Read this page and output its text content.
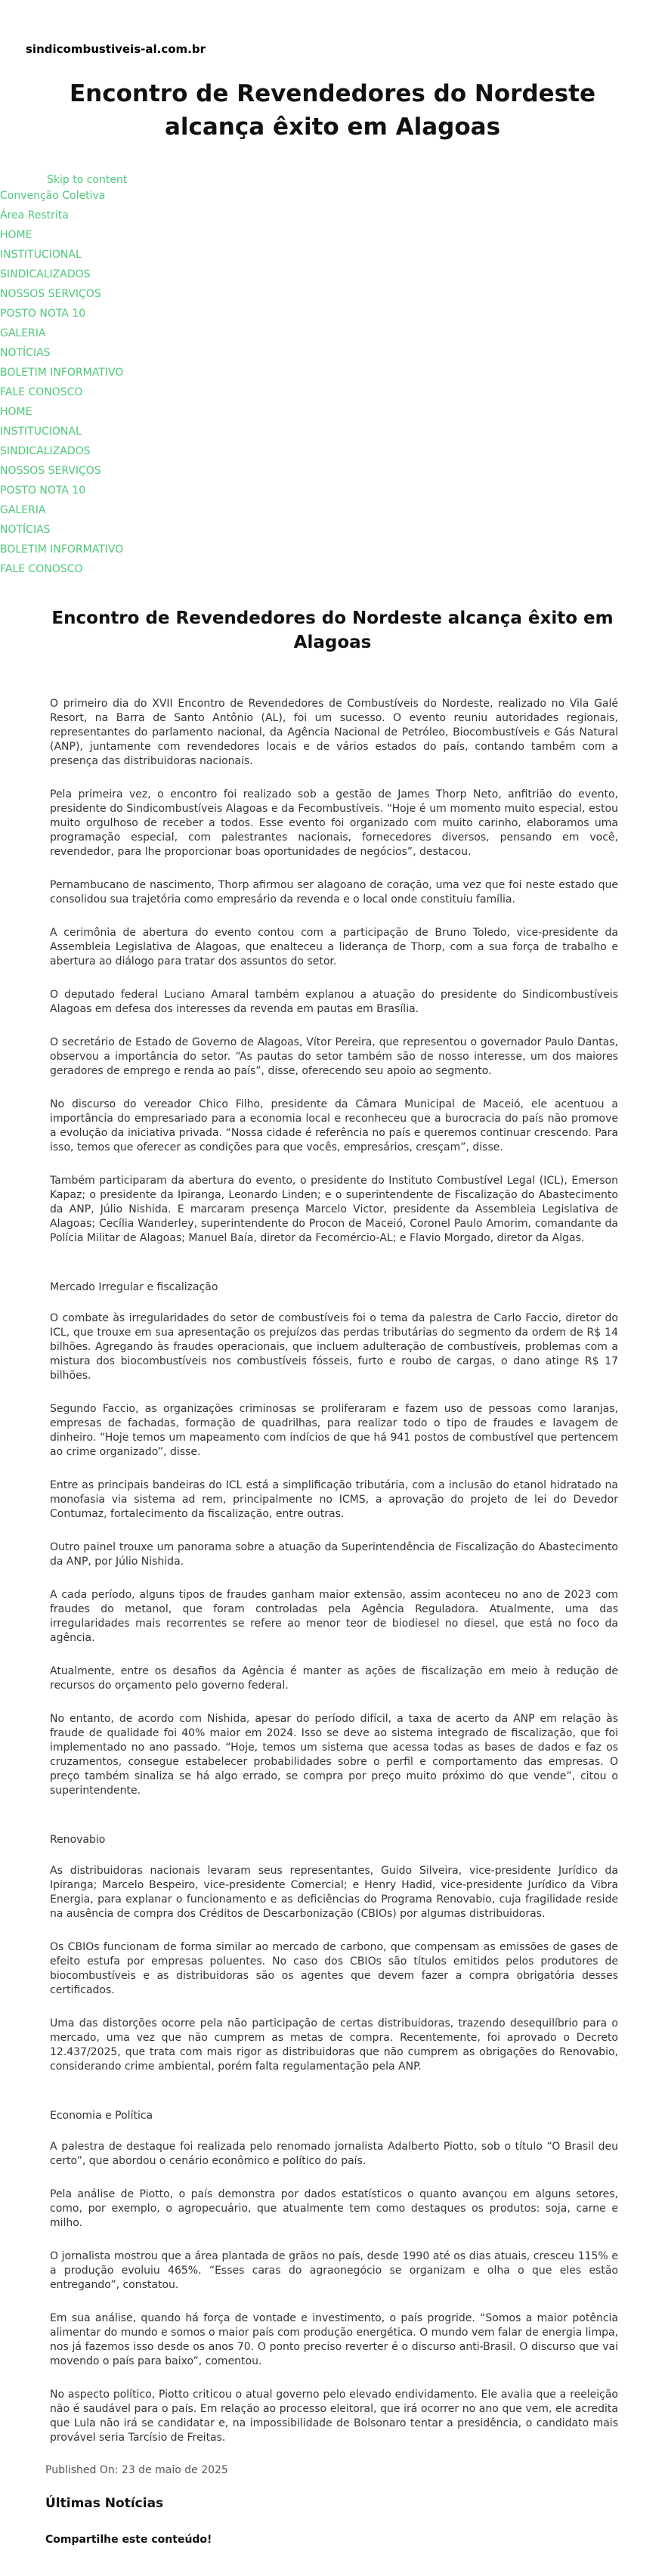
sindicombustiveis-al.com.br
Encontro de Revendedores do Nordeste alcança êxito em Alagoas
Skip to content
Convenção Coletiva
Área Restrita
HOME
INSTITUCIONAL
SINDICALIZADOS
NOSSOS SERVIÇOS
POSTO NOTA 10
GALERIA
NOTÍCIAS
BOLETIM INFORMATIVO
FALE CONOSCO
HOME
INSTITUCIONAL
SINDICALIZADOS
NOSSOS SERVIÇOS
POSTO NOTA 10
GALERIA
NOTÍCIAS
BOLETIM INFORMATIVO
FALE CONOSCO
Encontro de Revendedores do Nordeste alcança êxito em Alagoas

O primeiro dia do XVII Encontro de Revendedores de Combustíveis do Nordeste, realizado no Vila Galé Resort, na Barra de Santo Antônio (AL), foi um sucesso. O evento reuniu autoridades regionais, representantes do parlamento nacional, da Agência Nacional de Petróleo, Biocombustíveis e Gás Natural (ANP), juntamente com revendedores locais e de vários estados do país, contando também com a presença das distribuidoras nacionais.

Pela primeira vez, o encontro foi realizado sob a gestão de James Thorp Neto, anfitrião do evento, presidente do Sindicombustíveis Alagoas e da Fecombustíveis. “Hoje é um momento muito especial, estou muito orgulhoso de receber a todos. Esse evento foi organizado com muito carinho, elaboramos uma programação especial, com palestrantes nacionais, fornecedores diversos, pensando em você, revendedor, para lhe proporcionar boas oportunidades de negócios”, destacou.

Pernambucano de nascimento, Thorp afirmou ser alagoano de coração, uma vez que foi neste estado que consolidou sua trajetória como empresário da revenda e o local onde constituiu família.

A cerimônia de abertura do evento contou com a participação de Bruno Toledo, vice-presidente da Assembleia Legislativa de Alagoas, que enalteceu a liderança de Thorp, com a sua força de trabalho e abertura ao diálogo para tratar dos assuntos do setor.

O deputado federal Luciano Amaral também explanou a atuação do presidente do Sindicombustíveis Alagoas em defesa dos interesses da revenda em pautas em Brasília.

O secretário de Estado de Governo de Alagoas, Vítor Pereira, que representou o governador Paulo Dantas, observou a importância do setor. “As pautas do setor também são de nosso interesse, um dos maiores geradores de emprego e renda ao país”, disse, oferecendo seu apoio ao segmento.

No discurso do vereador Chico Filho, presidente da Câmara Municipal de Maceió, ele acentuou a importância do empresariado para a economia local e reconheceu que a burocracia do país não promove a evolução da iniciativa privada. “Nossa cidade é referência no país e queremos continuar crescendo. Para isso, temos que oferecer as condições para que vocês, empresários, cresçam”, disse.

Também participaram da abertura do evento, o presidente do Instituto Combustível Legal (ICL), Emerson Kapaz; o presidente da Ipiranga, Leonardo Linden; e o superintendente de Fiscalização do Abastecimento da ANP, Júlio Nishida. E marcaram presença Marcelo Victor, presidente da Assembleia Legislativa de Alagoas; Cecília Wanderley, superintendente do Procon de Maceió, Coronel Paulo Amorim, comandante da Polícia Militar de Alagoas; Manuel Baía, diretor da Fecomércio-AL; e Flavio Morgado, diretor da Algas.

Mercado Irregular e fiscalização

O combate às irregularidades do setor de combustíveis foi o tema da palestra de Carlo Faccio, diretor do ICL, que trouxe em sua apresentação os prejuízos das perdas tributárias do segmento da ordem de R$ 14 bilhões. Agregando às fraudes operacionais, que incluem adulteração de combustíveis, problemas com a mistura dos biocombustíveis nos combustíveis fósseis, furto e roubo de cargas, o dano atinge R$ 17 bilhões.

Segundo Faccio, as organizações criminosas se proliferaram e fazem uso de pessoas como laranjas, empresas de fachadas, formação de quadrilhas, para realizar todo o tipo de fraudes e lavagem de dinheiro. “Hoje temos um mapeamento com indícios de que há 941 postos de combustível que pertencem ao crime organizado”, disse.

Entre as principais bandeiras do ICL está a simplificação tributária, com a inclusão do etanol hidratado na monofasia via sistema ad rem, principalmente no ICMS, a aprovação do projeto de lei do Devedor Contumaz, fortalecimento da fiscalização, entre outras.

Outro painel trouxe um panorama sobre a atuação da Superintendência de Fiscalização do Abastecimento da ANP, por Júlio Nishida.

A cada período, alguns tipos de fraudes ganham maior extensão, assim aconteceu no ano de 2023 com fraudes do metanol, que foram controladas pela Agência Reguladora. Atualmente, uma das irregularidades mais recorrentes se refere ao menor teor de biodiesel no diesel, que está no foco da agência.

Atualmente, entre os desafios da Agência é manter as ações de fiscalização em meio à redução de recursos do orçamento pelo governo federal.

No entanto, de acordo com Nishida, apesar do período difícil, a taxa de acerto da ANP em relação às fraude de qualidade foi 40% maior em 2024. Isso se deve ao sistema integrado de fiscalização, que foi implementado no ano passado. “Hoje, temos um sistema que acessa todas as bases de dados e faz os cruzamentos, consegue estabelecer probabilidades sobre o perfil e comportamento das empresas. O preço também sinaliza se há algo errado, se compra por preço muito próximo do que vende”, citou o superintendente.

Renovabio

As distribuidoras nacionais levaram seus representantes, Guido Silveira, vice-presidente Jurídico da Ipiranga; Marcelo Bespeiro, vice-presidente Comercial; e Henry Hadid, vice-presidente Jurídico da Vibra Energia, para explanar o funcionamento e as deficiências do Programa Renovabio, cuja fragilidade reside na ausência de compra dos Créditos de Descarbonização (CBIOs) por algumas distribuidoras.

Os CBIOs funcionam de forma similar ao mercado de carbono, que compensam as emissões de gases de efeito estufa por empresas poluentes. No caso dos CBIOs são títulos emitidos pelos produtores de biocombustíveis e as distribuidoras são os agentes que devem fazer a compra obrigatória desses certificados.

Uma das distorções ocorre pela não participação de certas distribuidoras, trazendo desequilíbrio para o mercado, uma vez que não cumprem as metas de compra. Recentemente, foi aprovado o Decreto 12.437/2025, que trata com mais rigor as distribuidoras que não cumprem as obrigações do Renovabio, considerando crime ambiental, porém falta regulamentação pela ANP.

Economia e Política

A palestra de destaque foi realizada pelo renomado jornalista Adalberto Piotto, sob o título “O Brasil deu certo”, que abordou o cenário econômico e político do país.

Pela análise de Piotto, o país demonstra por dados estatísticos o quanto avançou em alguns setores, como, por exemplo, o agropecuário, que atualmente tem como destaques os produtos: soja, carne e milho.

O jornalista mostrou que a área plantada de grãos no país, desde 1990 até os dias atuais, cresceu 115% e a produção evoluiu 465%. “Esses caras do agraonegócio se organizam e olha o que eles estão entregando”, constatou.

Em sua análise, quando há força de vontade e investimento, o país progride. “Somos a maior potência alimentar do mundo e somos o maior país com produção energética. O mundo vem falar de energia limpa, nos já fazemos isso desde os anos 70. O ponto preciso reverter é o discurso anti-Brasil. O discurso que vai movendo o país para baixo”, comentou.

No aspecto político, Piotto criticou o atual governo pelo elevado endividamento. Ele avalia que a reeleição não é saudável para o país. Em relação ao processo eleitoral, que irá ocorrer no ano que vem, ele acredita que Lula não irá se candidatar e, na impossibilidade de Bolsonaro tentar a presidência, o candidato mais provável seria Tarcísio de Freitas.

Published On: 23 de maio de 2025
Últimas Notícias
Compartilhe este conteúdo!
